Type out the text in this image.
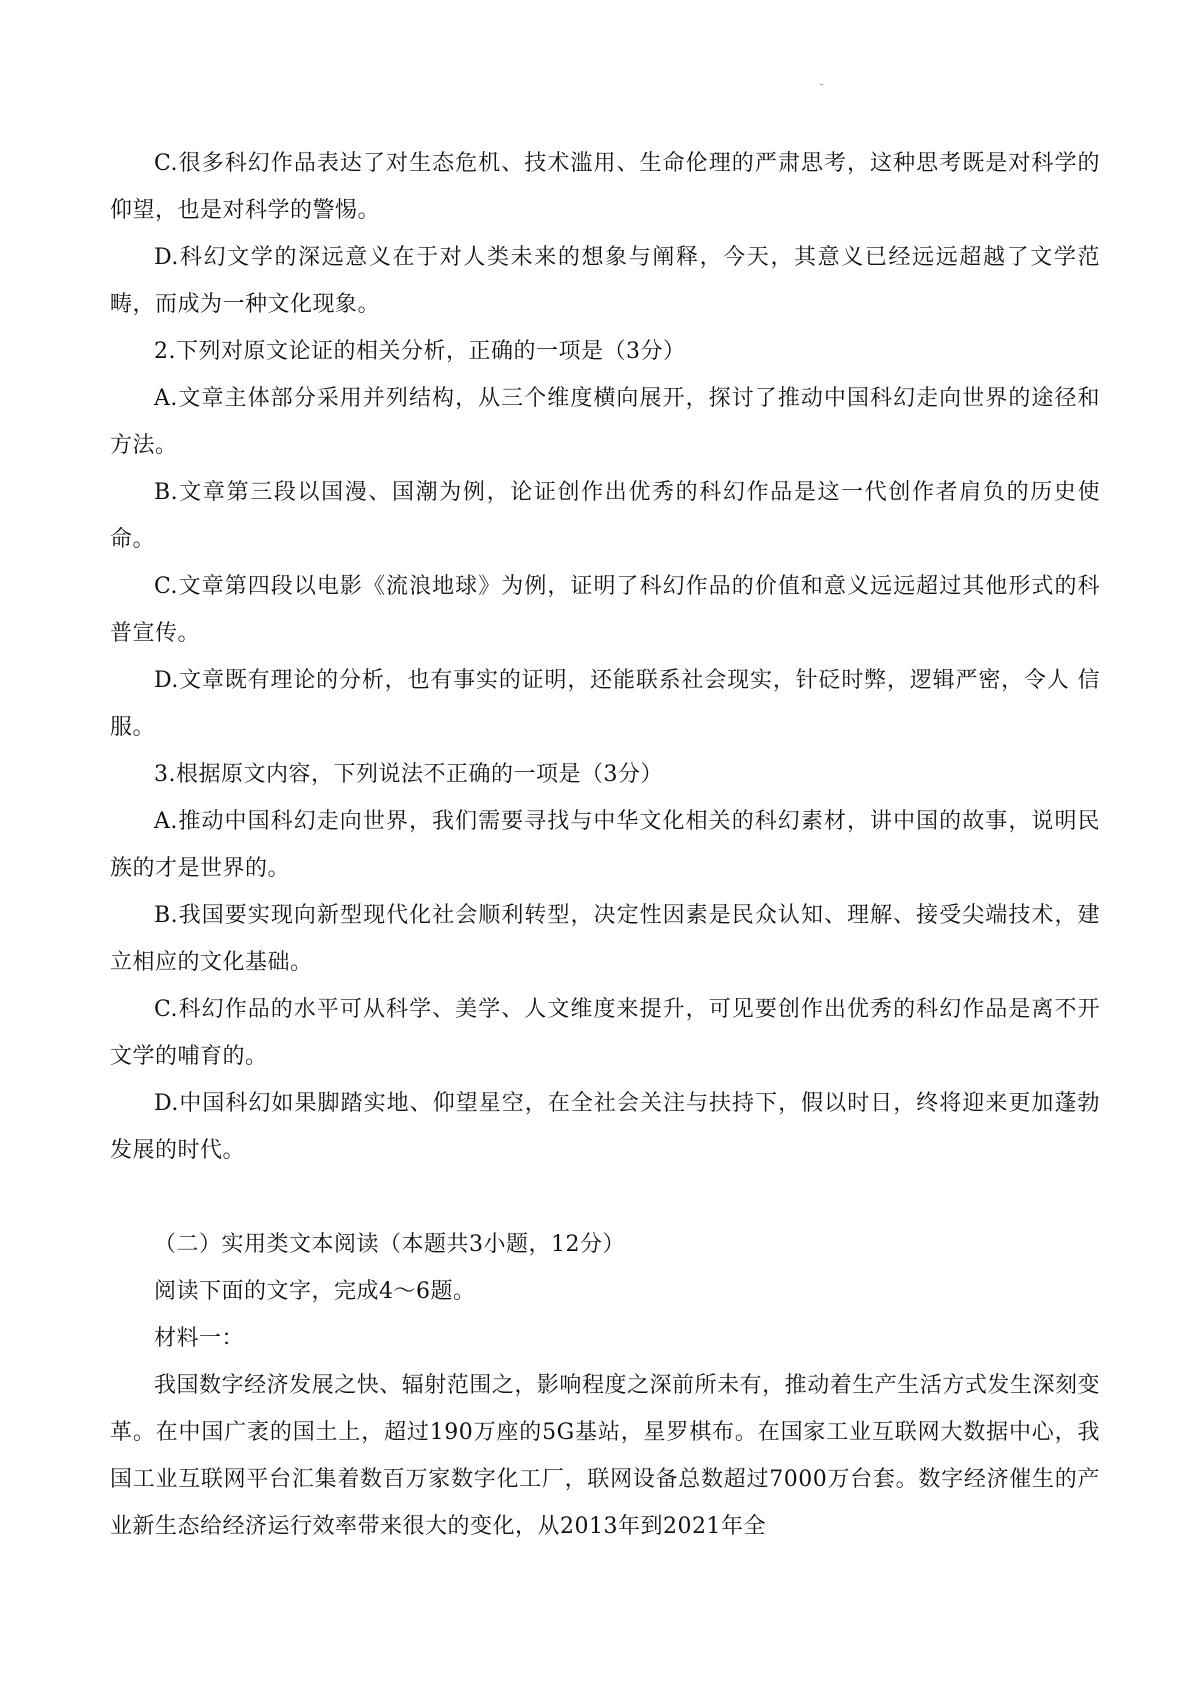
C.很多科幻作品表达了对生态危机、技术滥用、生命伦理的严肃思考，这种思考既是对科学的仰望，也是对科学的警惕。

D.科幻文学的深远意义在于对人类未来的想象与阐释，今天，其意义已经远远超越了文学范畴，而成为一种文化现象。

2.下列对原文论证的相关分析，正确的一项是（3分）

A.文章主体部分采用并列结构，从三个维度横向展开，探讨了推动中国科幻走向世界的途径和方法。

B.文章第三段以国漫、国潮为例，论证创作出优秀的科幻作品是这一代创作者肩负的历史使命。

C.文章第四段以电影《流浪地球》为例，证明了科幻作品的价值和意义远远超过其他形式的科普宣传。

D.文章既有理论的分析，也有事实的证明，还能联系社会现实，针砭时弊，逻辑严密，令人 信服。

3.根据原文内容，下列说法不正确的一项是（3分）

A.推动中国科幻走向世界，我们需要寻找与中华文化相关的科幻素材，讲中国的故事，说明民族的才是世界的。

B.我国要实现向新型现代化社会顺利转型，决定性因素是民众认知、理解、接受尖端技术，建立相应的文化基础。

C.科幻作品的水平可从科学、美学、人文维度来提升，可见要创作出优秀的科幻作品是离不开文学的哺育的。

D.中国科幻如果脚踏实地、仰望星空，在全社会关注与扶持下，假以时日，终将迎来更加蓬勃发展的时代。

（二）实用类文本阅读（本题共3小题，12分）

阅读下面的文字，完成4～6题。

材料一：

我国数字经济发展之快、辐射范围之，影响程度之深前所未有，推动着生产生活方式发生深刻变革。在中国广袤的国土上，超过190万座的5G基站，星罗棋布。在国家工业互联网大数据中心，我国工业互联网平台汇集着数百万家数字化工厂，联网设备总数超过7000万台套。数字经济催生的产业新生态给经济运行效率带来很大的变化，从2013年到2021年全
